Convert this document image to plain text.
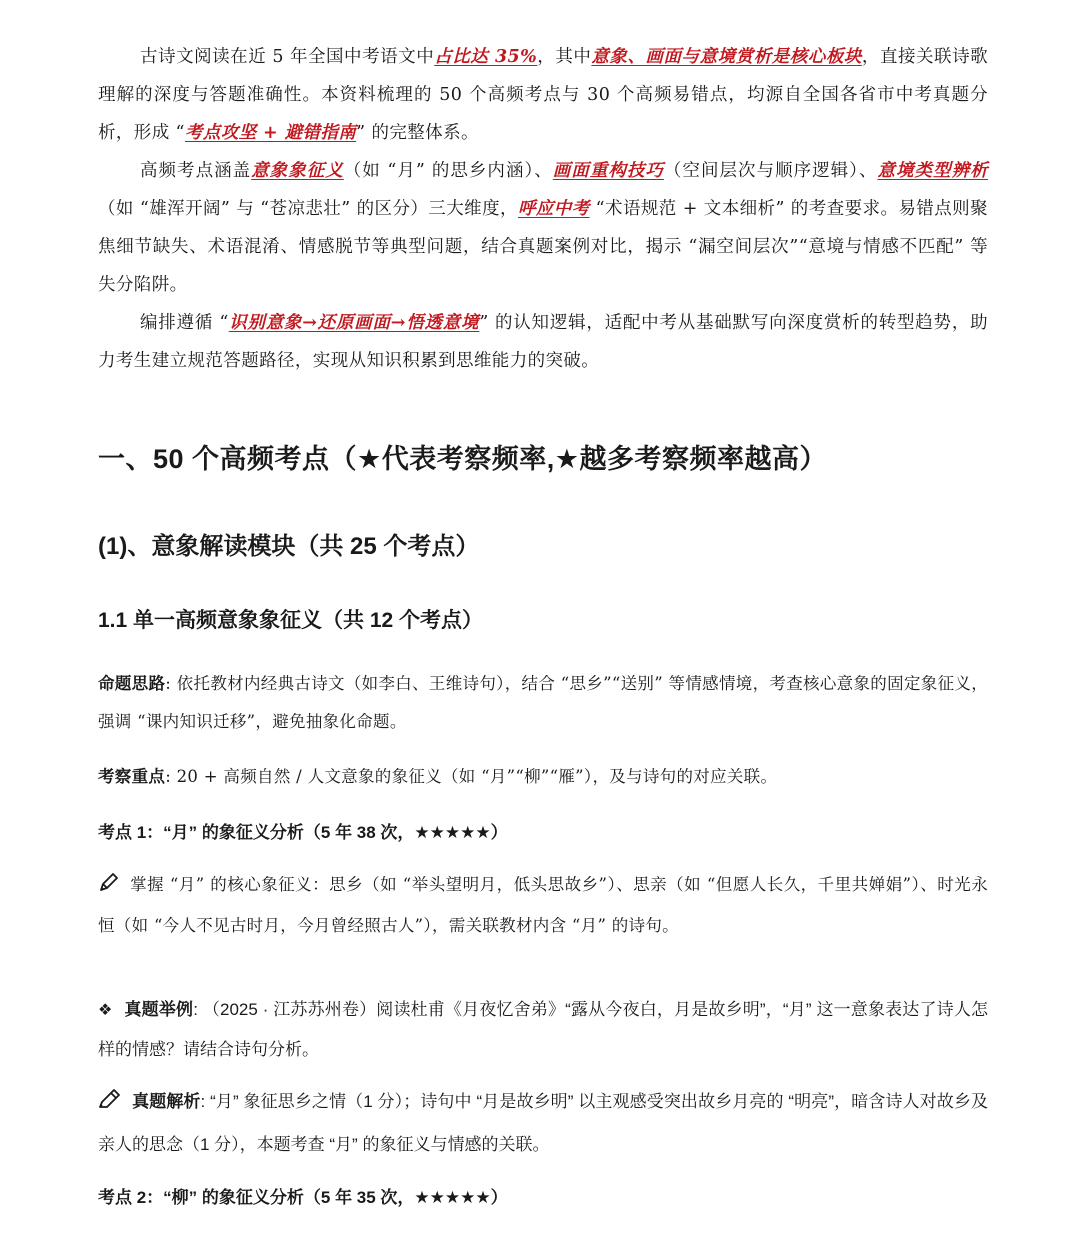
古诗文阅读在近 5 年全国中考语文中占比达 35%，其中意象、画面与意境赏析是核心板块，直接关联诗歌理解的深度与答题准确性。本资料梳理的 50 个高频考点与 30 个高频易错点，均源自全国各省市中考真题分析，形成 “考点攻坚 + 避错指南” 的完整体系。

高频考点涵盖意象象征义（如 “月” 的思乡内涵）、画面重构技巧（空间层次与顺序逻辑）、意境类型辨析（如 “雄浑开阔” 与 “苍凉悲壮” 的区分）三大维度，呼应中考 “术语规范 + 文本细析” 的考查要求。易错点则聚焦细节缺失、术语混淆、情感脱节等典型问题，结合真题案例对比，揭示 “漏空间层次”“意境与情感不匹配” 等失分陷阱。

编排遵循 “识别意象→还原画面→悟透意境” 的认知逻辑，适配中考从基础默写向深度赏析的转型趋势，助力考生建立规范答题路径，实现从知识积累到思维能力的突破。

一、50 个高频考点（★代表考察频率,★越多考察频率越高）
(1)、意象解读模块（共 25 个考点）
1.1 单一高频意象象征义（共 12 个考点）

命题思路: 依托教材内经典古诗文（如李白、王维诗句），结合 “思乡”“送别” 等情感情境，考查核心意象的固定象征义，强调 “课内知识迁移”，避免抽象化命题。

考察重点: 20 + 高频自然 / 人文意象的象征义（如 “月”“柳”“雁”），及与诗句的对应关联。

考点 1：“月” 的象征义分析（5 年 38 次，★★★★★）

掌握 “月” 的核心象征义：思乡（如 “举头望明月，低头思故乡”）、思亲（如 “但愿人长久，千里共婵娟”）、时光永恒（如 “今人不见古时月，今月曾经照古人”），需关联教材内含 “月” 的诗句。

❖ 真题举例: （2025 · 江苏苏州卷）阅读杜甫《月夜忆舍弟》“露从今夜白，月是故乡明”，“月” 这一意象表达了诗人怎样的情感？请结合诗句分析。

真题解析: “月” 象征思乡之情（1 分）；诗句中 “月是故乡明” 以主观感受突出故乡月亮的 “明亮”，暗含诗人对故乡及亲人的思念（1 分），本题考查 “月” 的象征义与情感的关联。

考点 2：“柳” 的象征义分析（5 年 35 次，★★★★★）
